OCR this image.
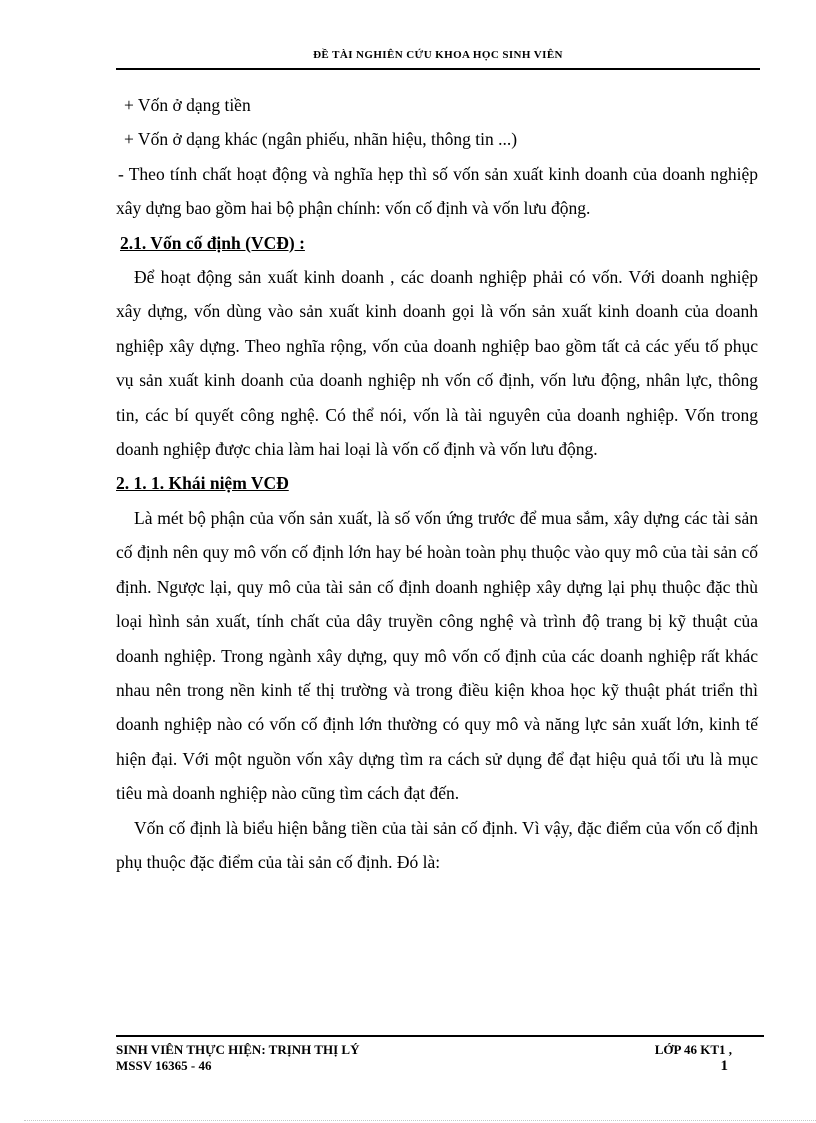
ĐỀ TÀI NGHIÊN CỨU KHOA HỌC SINH VIÊN

+ Vốn ở dạng tiền

+ Vốn ở dạng khác (ngân phiếu, nhãn hiệu, thông tin ...)

- Theo tính chất hoạt động và nghĩa hẹp thì số vốn sản xuất kinh doanh của doanh nghiệp xây dựng bao gồm hai bộ phận chính: vốn cố định và vốn lưu động.

2.1. Vốn cố định (VCĐ) :

Để hoạt động sản xuất kinh doanh , các doanh nghiệp phải có vốn. Với doanh nghiệp xây dựng, vốn dùng vào sản xuất kinh doanh gọi là vốn sản xuất kinh doanh của doanh nghiệp xây dựng. Theo nghĩa rộng, vốn của doanh nghiệp bao gồm tất cả các yếu tố phục vụ sản xuất kinh doanh của doanh nghiệp nh vốn cố định, vốn lưu động, nhân lực, thông tin, các bí quyết công nghệ. Có thể nói, vốn là tài nguyên của doanh nghiệp. Vốn trong doanh nghiệp được chia làm hai loại là vốn cố định và vốn lưu động.

2. 1. 1. Khái niệm VCĐ

Là mét bộ phận của vốn sản xuất, là số vốn ứng trước để mua sắm, xây dựng các tài sản cố định nên quy mô vốn cố định lớn hay bé hoàn toàn phụ thuộc vào quy mô của tài sản cố định. Ngược lại, quy mô của tài sản cố định doanh nghiệp xây dựng lại phụ thuộc đặc thù loại hình sản xuất, tính chất của dây truyền công nghệ và trình độ trang bị kỹ thuật của doanh nghiệp. Trong ngành xây dựng, quy mô vốn cố định của các doanh nghiệp rất khác nhau nên trong nền kinh tế thị trường và trong điều kiện khoa học kỹ thuật phát triển thì doanh nghiệp nào có vốn cố định lớn thường có quy mô và năng lực sản xuất lớn, kinh tế hiện đại. Với một nguồn vốn xây dựng tìm ra cách sử dụng để đạt hiệu quả tối ưu là mục tiêu mà doanh nghiệp nào cũng tìm cách đạt đến.

Vốn cố định là biểu hiện bằng tiền của tài sản cố định. Vì vậy, đặc điểm của vốn cố định phụ thuộc đặc điểm của tài sản cố định. Đó là:

SINH VIÊN THỰC HIỆN: TRỊNH THỊ LÝ	LỚP 46 KT1 ,
MSSV 16365 - 46	1
